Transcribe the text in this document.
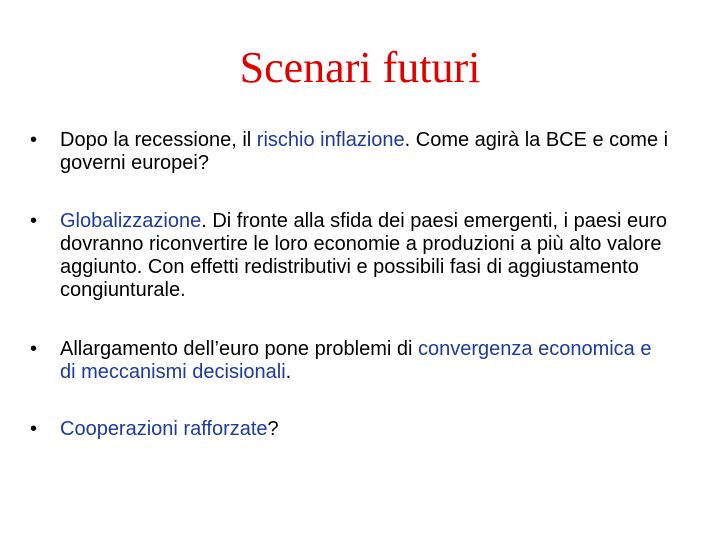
Scenari futuri
• Dopo la recessione, il rischio inflazione. Come agirà la BCE e come i governi europei?
• Globalizzazione. Di fronte alla sfida dei paesi emergenti, i paesi euro dovranno riconvertire le loro economie a produzioni a più alto valore aggiunto. Con effetti redistributivi e possibili fasi di aggiustamento congiunturale.
• Allargamento dell’euro pone problemi di convergenza economica e di meccanismi decisionali.
• Cooperazioni rafforzate?
